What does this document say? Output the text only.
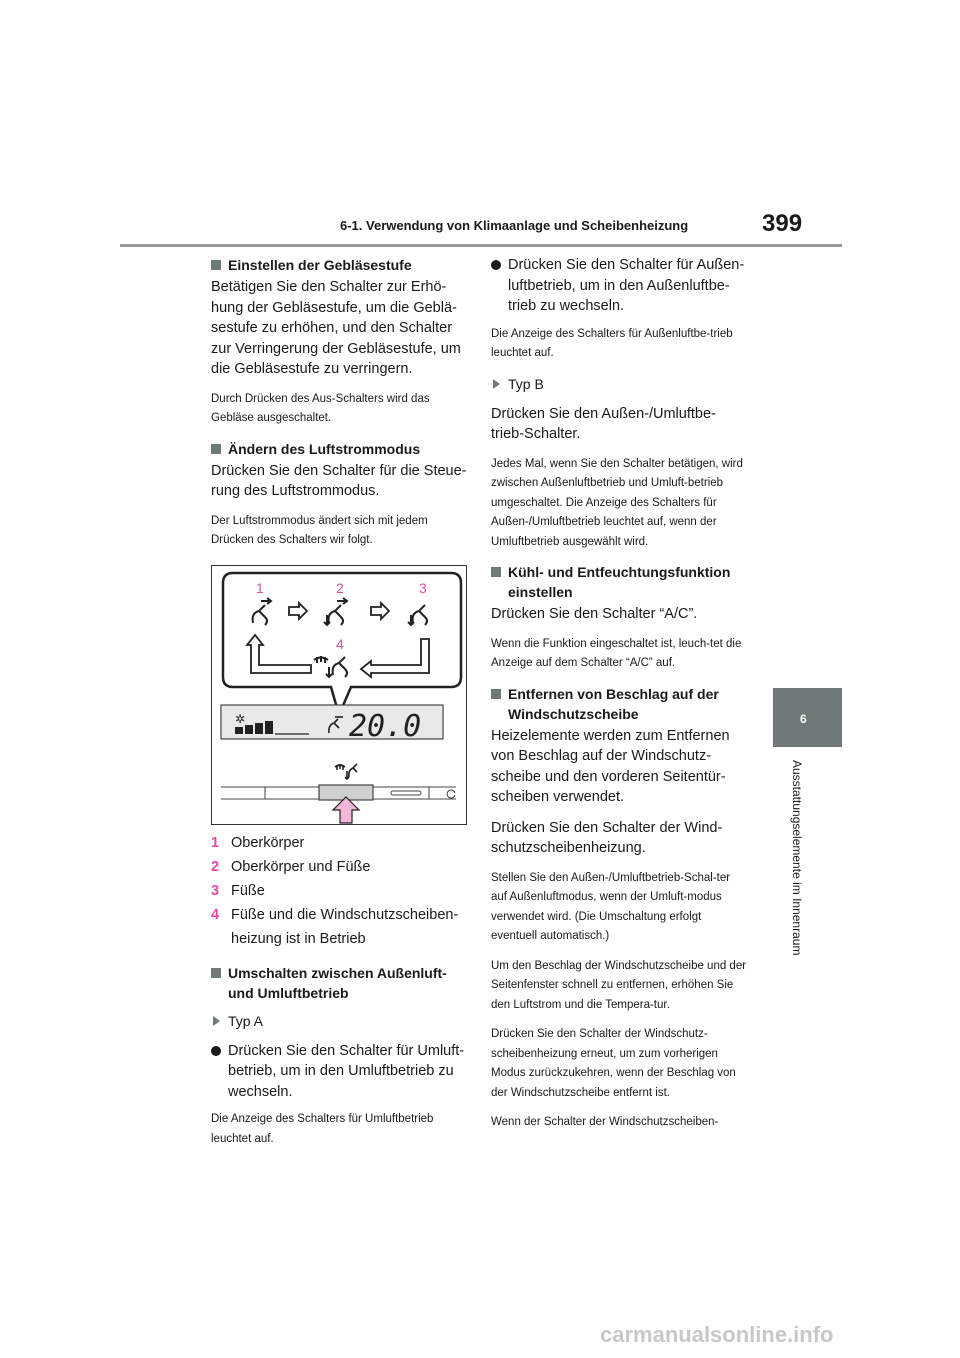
6-1. Verwendung von Klimaanlage und Scheibenheizung	399
6
Ausstattungselemente im Innenraum
Einstellen der Gebläsestufe

Betätigen Sie den Schalter zur Erhö-hung der Gebläsestufe, um die Geblä-sestufe zu erhöhen, und den Schalter zur Verringerung der Gebläsestufe, um die Gebläsestufe zu verringern.

Durch Drücken des Aus-Schalters wird das Gebläse ausgeschaltet.

Ändern des Luftstrommodus

Drücken Sie den Schalter für die Steue-rung des Luftstrommodus.

Der Luftstrommodus ändert sich mit jedem Drücken des Schalters wir folgt.

1	2	3
4
✲	20.0
1 Oberkörper
2 Oberkörper und Füße
3 Füße
4 Füße und die Windschutzscheiben-
heizung ist in Betrieb
Umschalten zwischen Außenluft- und Umluftbetrieb
Typ A
Drücken Sie den Schalter für Umluft-betrieb, um in den Umluftbetrieb zu wechseln.

Die Anzeige des Schalters für Umluftbetrieb leuchtet auf.

Drücken Sie den Schalter für Außen-luftbetrieb, um in den Außenluftbe-trieb zu wechseln.

Die Anzeige des Schalters für Außenluftbe-trieb leuchtet auf.

Typ B

Drücken Sie den Außen-/Umluftbe-trieb-Schalter.

Jedes Mal, wenn Sie den Schalter betätigen, wird zwischen Außenluftbetrieb und Umluft-betrieb umgeschaltet. Die Anzeige des Schalters für Außen-/Umluftbetrieb leuchtet auf, wenn der Umluftbetrieb ausgewählt wird.

Kühl- und Entfeuchtungsfunktion einstellen

Drücken Sie den Schalter “A/C”.

Wenn die Funktion eingeschaltet ist, leuch-tet die Anzeige auf dem Schalter “A/C” auf.

Entfernen von Beschlag auf der Windschutzscheibe

Heizelemente werden zum Entfernen von Beschlag auf der Windschutz-scheibe und den vorderen Seitentür-scheiben verwendet.

Drücken Sie den Schalter der Wind-schutzscheibenheizung.

Stellen Sie den Außen-/Umluftbetrieb-Schal-ter auf Außenluftmodus, wenn der Umluft-modus verwendet wird. (Die Umschaltung erfolgt eventuell automatisch.)

Um den Beschlag der Windschutzscheibe und der Seitenfenster schnell zu entfernen, erhöhen Sie den Luftstrom und die Tempera-tur.

Drücken Sie den Schalter der Windschutz-scheibenheizung erneut, um zum vorherigen Modus zurückzukehren, wenn der Beschlag von der Windschutzscheibe entfernt ist.

Wenn der Schalter der Windschutzscheiben-

carmanualsonline.info
